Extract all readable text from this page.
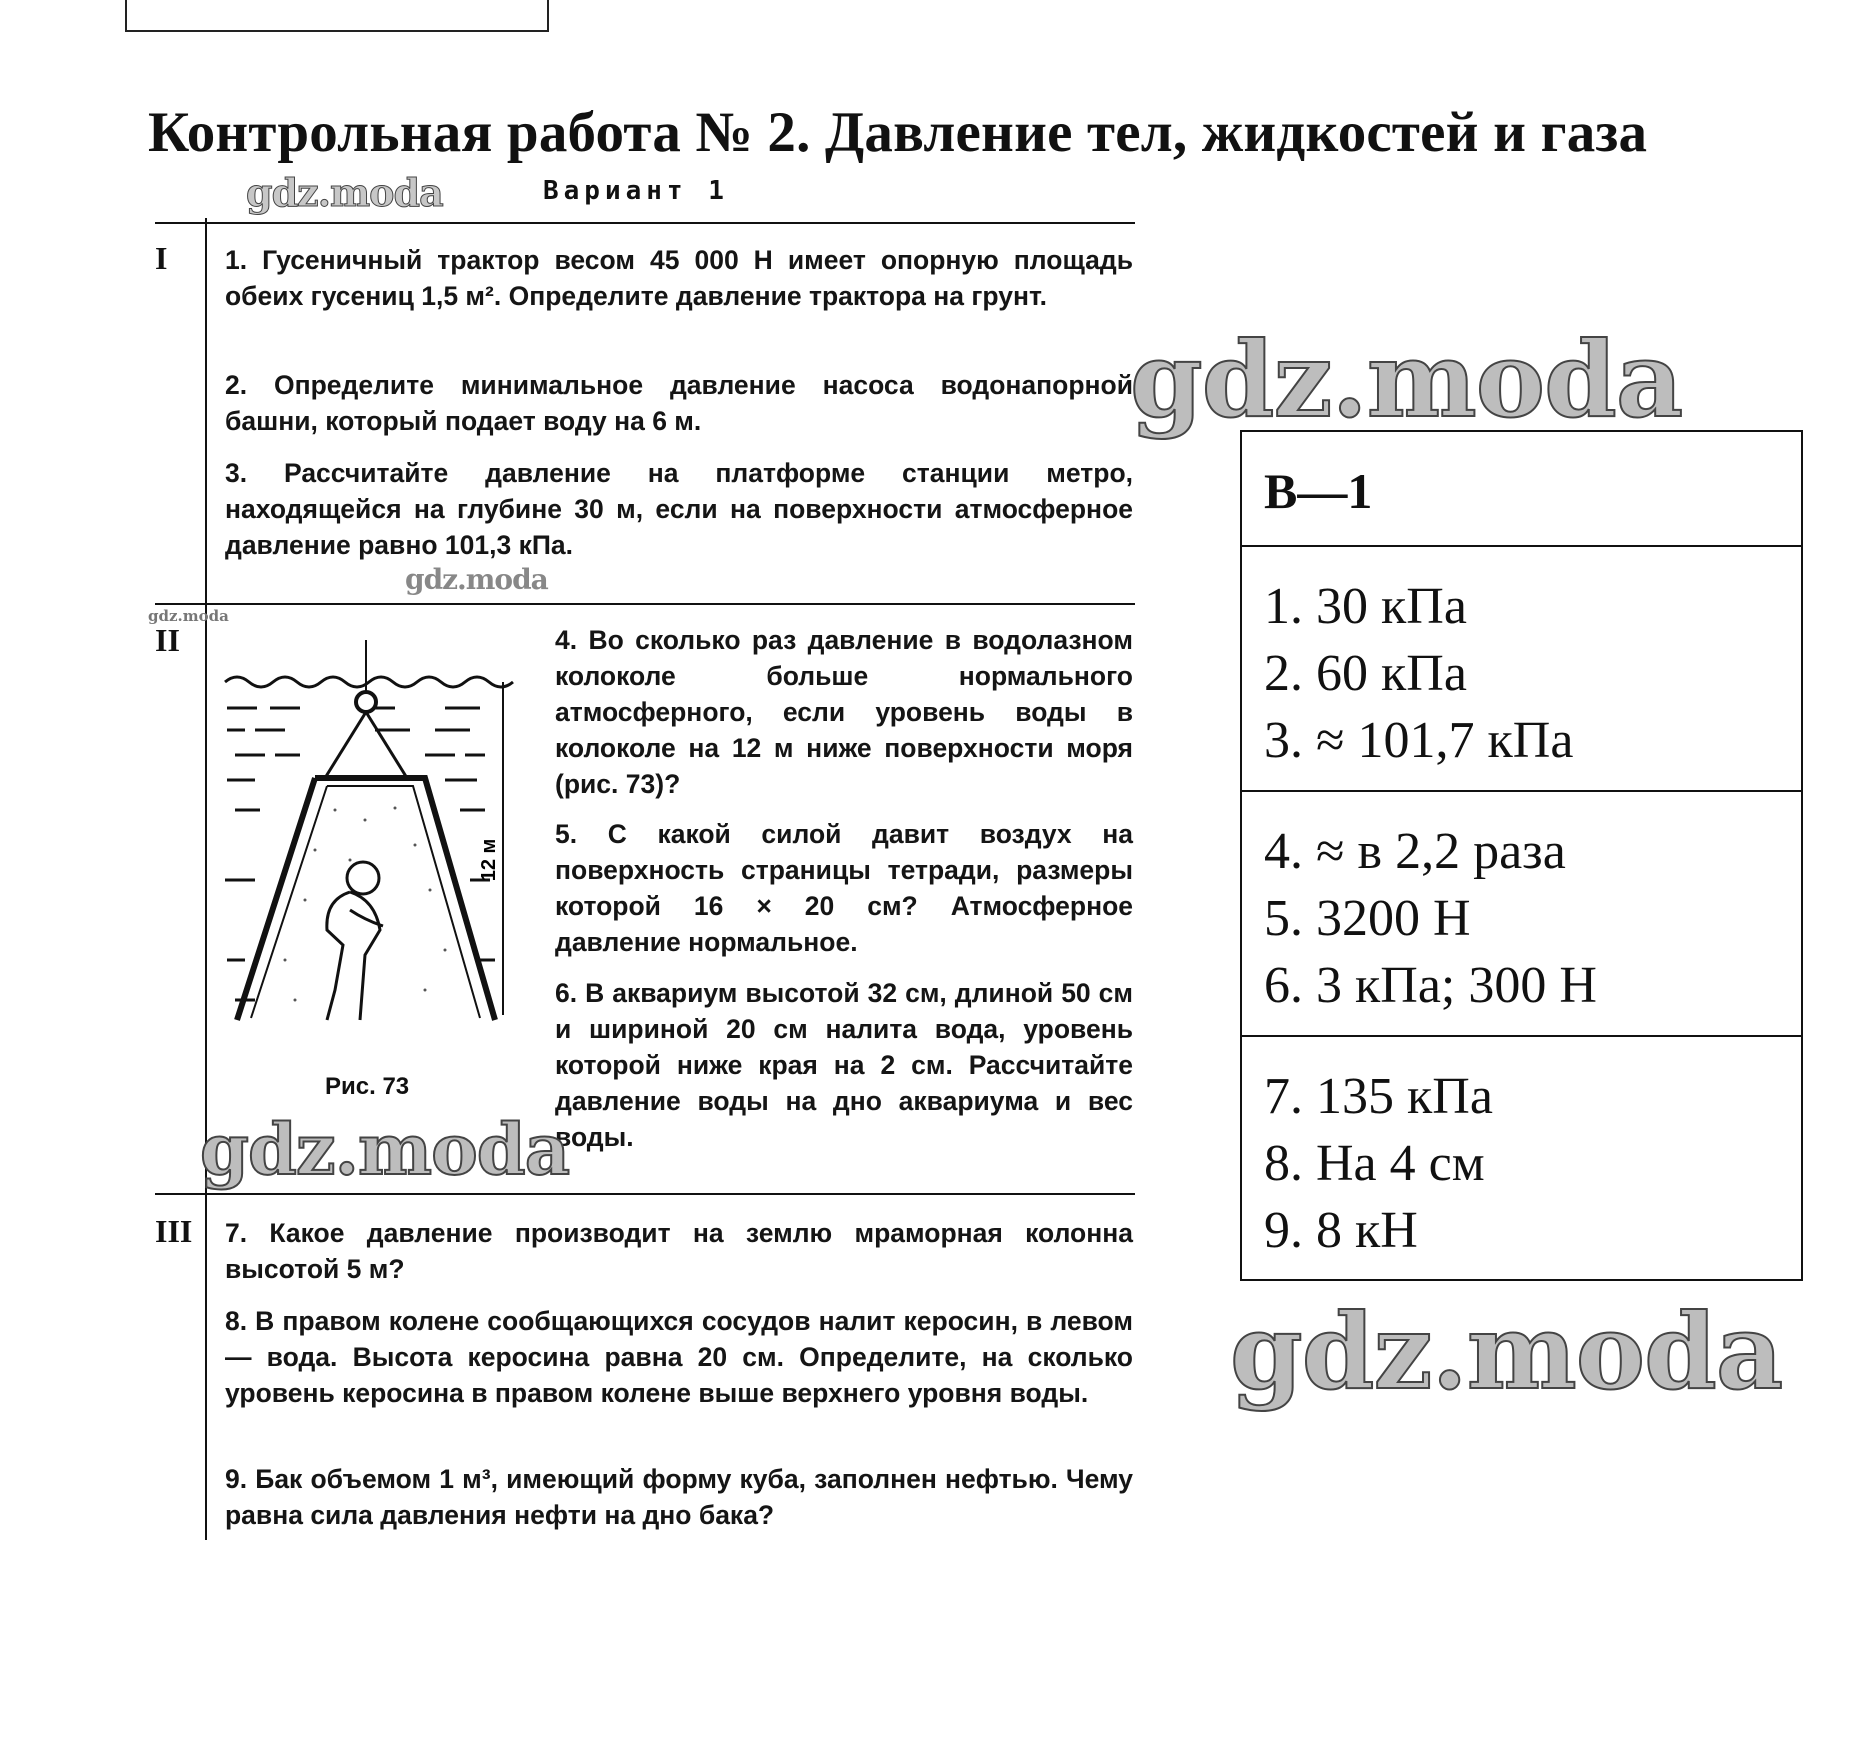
Контрольная работа № 2. Давление тел, жидкостей и газа
gdz.moda	Вариант 1
I 1. Гусеничный трактор весом 45 000 Н имеет опорную площадь обеих гусениц 1,5 м². Определите давление трактора на грунт.

2. Определите минимальное давление насоса водонапорной башни, который подает воду на 6 м.

3. Рассчитайте давление на платформе станции метро, находящейся на глубине 30 м, если на поверхности атмосферное давление равно 101,3 кПа.

gdz.moda
gdz.moda
II
12 м
Рис. 73

4. Во сколько раз давление в водолазном колоколе больше нормального атмосферного, если уровень воды в колоколе на 12 м ниже поверхности моря (рис. 73)?

5. С какой силой давит воздух на поверхность страницы тетради, размеры которой 16 × 20 см? Атмосферное давление нормальное.

6. В аквариум высотой 32 см, длиной 50 см и шириной 20 см налита вода, уровень которой ниже края на 2 см. Рассчитайте давление воды на дно аквариума и вес воды.

gdz.moda
III 7. Какое давление производит на землю мраморная колонна высотой 5 м?

8. В правом колене сообщающихся сосудов налит керосин, в левом — вода. Высота керосина равна 20 см. Определите, на сколько уровень керосина в правом колене выше верхнего уровня воды.

9. Бак объемом 1 м³, имеющий форму куба, заполнен нефтью. Чему равна сила давления нефти на дно бака?

gdz.moda
gdz.moda
В—1
1. 30 кПа
2. 60 кПа
3. ≈ 101,7 кПа
4. ≈ в 2,2 раза
5. 3200 Н
6. 3 кПа; 300 Н
7. 135 кПа
8. На 4 см
9. 8 кН
